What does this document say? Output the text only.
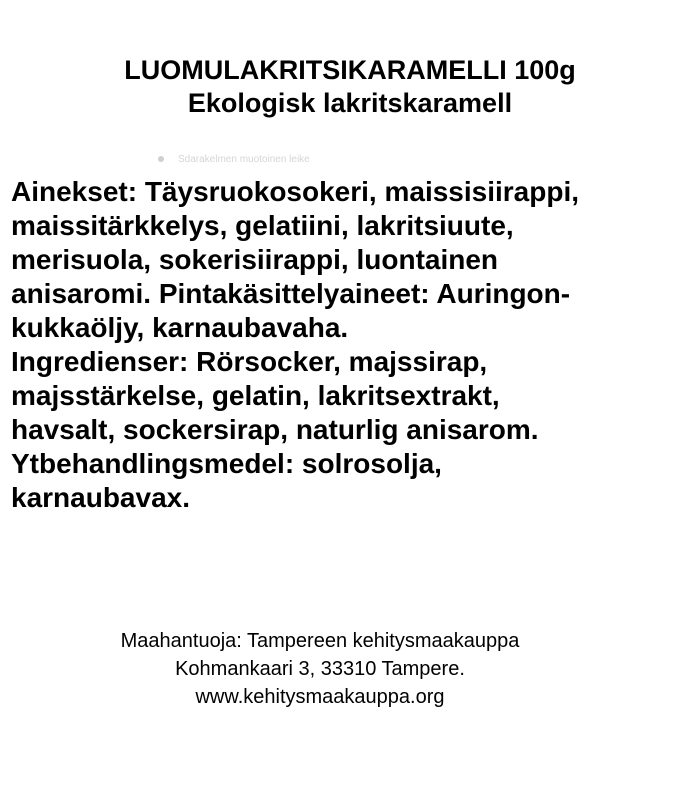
LUOMULAKRITSIKARAMELLI 100g
Ekologisk lakritskaramell
Sdarakelmen muotoinen leike
Ainekset: Täysruokosokeri, maissisiirappi,
maissitärkkelys, gelatiini, lakritsiuute,
merisuola, sokerisiirappi, luontainen
anisaromi. Pintakäsittelyaineet: Auringon-
kukkaöljy, karnaubavaha.
Ingredienser: Rörsocker, majssirap,
majsstärkelse, gelatin, lakritsextrakt,
havsalt, sockersirap, naturlig anisarom.
Ytbehandlingsmedel: solrosolja,
karnaubavax.
Maahantuoja: Tampereen kehitysmaakauppa
Kohmankaari 3, 33310 Tampere.
www.kehitysmaakauppa.org
